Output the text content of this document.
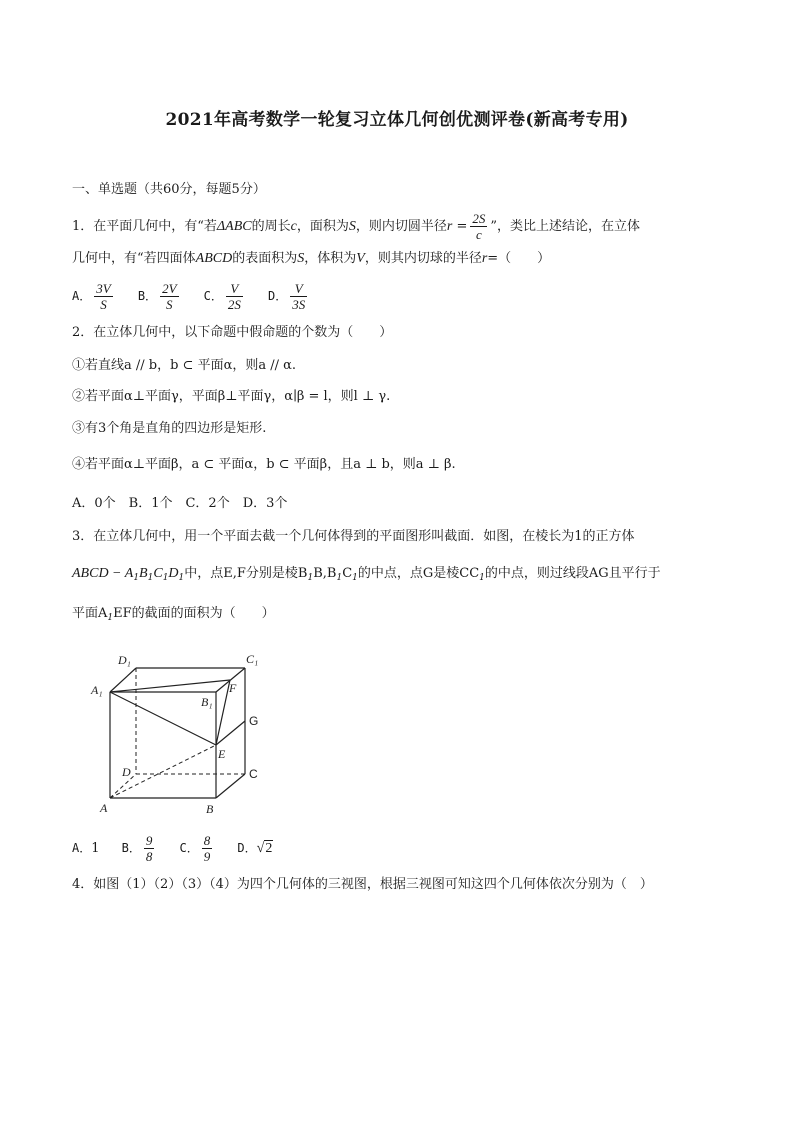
2021年高考数学一轮复习立体几何创优测评卷(新高考专用)
一、单选题（共60分，每题5分）
1．在平面几何中，有“若ΔABC的周长c，面积为S，则内切圆半径$r = \frac{2S}{c}$ ”，类比上述结论，在立体
几何中，有“若四面体ABCD的表面积为S，体积为V，则其内切球的半径r=（　　）
A． $\frac{3V}{S}$ B． $\frac{2V}{S}$ C． $\frac{V}{2S}$ D． $\frac{V}{3S}$
2．在立体几何中，以下命题中假命题的个数为（　　）
①若直线a // b，b ⊂ 平面α，则a // α.
②若平面α⊥平面γ，平面β⊥平面γ，α∣β = l，则l ⊥ γ.
③有3个角是直角的四边形是矩形.
④若平面α⊥平面β，a ⊂ 平面α，b ⊂ 平面β，且a ⊥ b，则a ⊥ β.
A．0个　B．1个　C．2个　D．3个
3．在立体几何中，用一个平面去截一个几何体得到的平面图形叫截面．如图，在棱长为1的正方体
ABCD − $A_1B_1C_1D_1$中，点E,F分别是棱$B_1B,B_1C_1$的中点，点G是棱$CC_1$的中点，则过线段AG且平行于
平面$A_1EF$的截面的面积为（　　）
D₁	C₁
A₁
B₁
F
E
D
A	B
G
C
A．1 B． $\frac{9}{8}$ C． $\frac{8}{9}$ D．√2
4．如图（1）（2）（3）（4）为四个几何体的三视图，根据三视图可知这四个几何体依次分别为（　）
